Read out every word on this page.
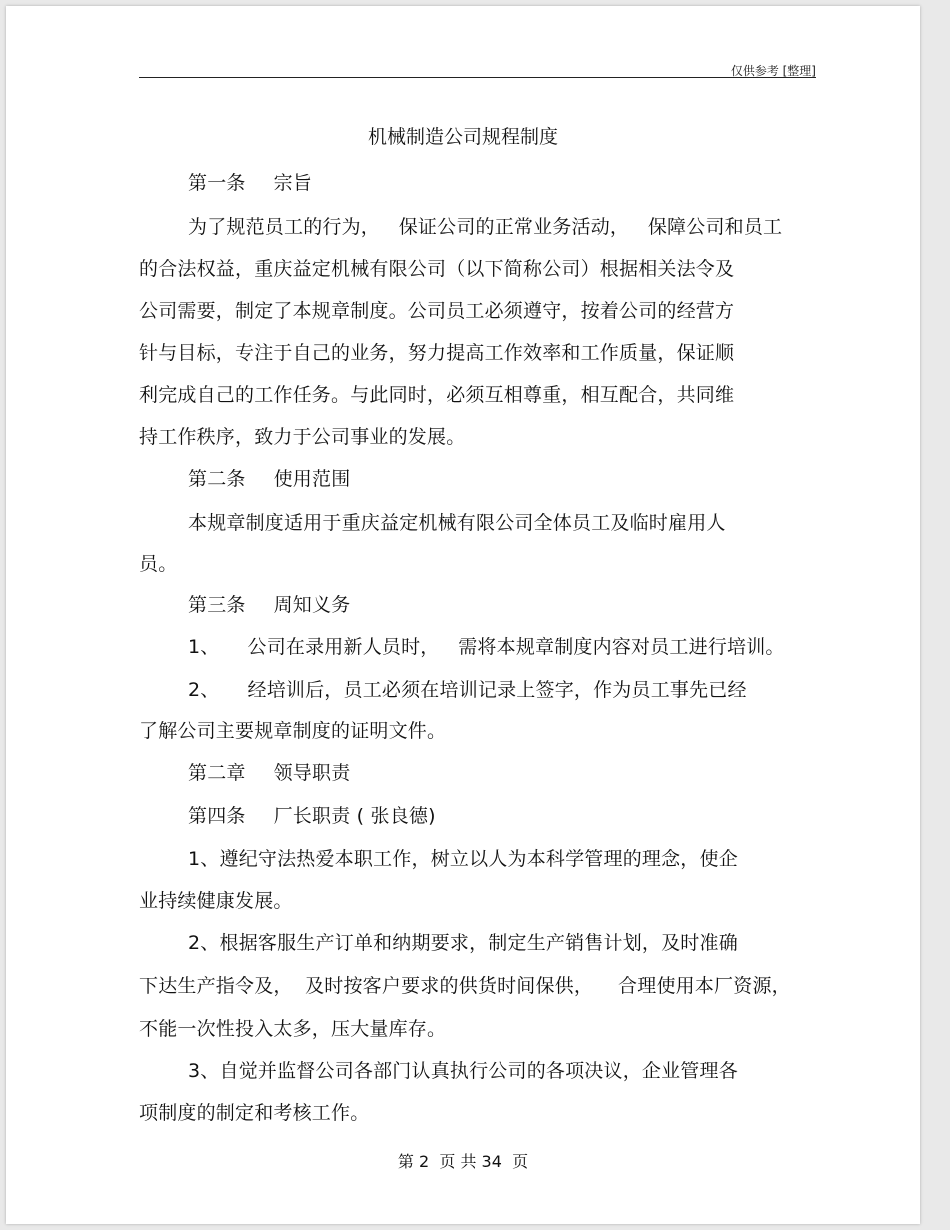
仅供参考 [整理]
机械制造公司规程制度
第一条 宗旨
为了规范员工的行为，   保证公司的正常业务活动，   保障公司和员工
的合法权益，重庆益定机械有限公司（以下简称公司）根据相关法令及
公司需要，制定了本规章制度。公司员工必须遵守，按着公司的经营方
针与目标，专注于自己的业务，努力提高工作效率和工作质量，保证顺
利完成自己的工作任务。与此同时，必须互相尊重，相互配合，共同维
持工作秩序，致力于公司事业的发展。
第二条 使用范围
本规章制度适用于重庆益定机械有限公司全体员工及临时雇用人
员。
第三条 周知义务
1、 公司在录用新人员时，   需将本规章制度内容对员工进行培训。
2、 经培训后，员工必须在培训记录上签字，作为员工事先已经
了解公司主要规章制度的证明文件。
第二章 领导职责
第四条 厂长职责 ( 张良德)
1、遵纪守法热爱本职工作，树立以人为本科学管理的理念，使企
业持续健康发展。
2、根据客服生产订单和纳期要求，制定生产销售计划，及时准确
下达生产指令及，  及时按客户要求的供货时间保供，    合理使用本厂资源，
不能一次性投入太多，压大量库存。
3、自觉并监督公司各部门认真执行公司的各项决议，企业管理各
项制度的制定和考核工作。
第 2  页 共 34  页
